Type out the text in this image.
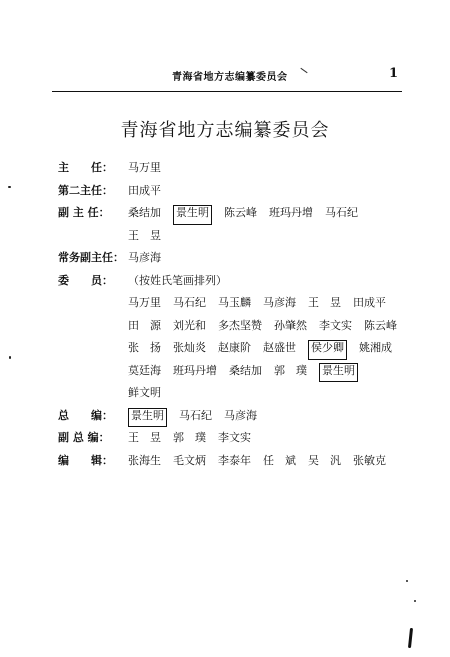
青海省地方志编纂委员会	1
青海省地方志编纂委员会
主　　任：	马万里
第二主任：	田成平
副 主 任：	桑结加 景生明 陈云峰 班玛丹增 马石纪
王　昱
常务副主任： 马彦海
委　　员：	（按姓氏笔画排列）
马万里 马石纪 马玉麟 马彦海 王　昱 田成平
田　源 刘光和 多杰坚赞 孙肇然 李文实 陈云峰
张　扬 张灿炎 赵康阶 赵盛世 侯少卿 姚湘成
莫廷海 班玛丹增 桑结加 郭　璞 景生明
鲜文明
总　　编：	景生明 马石纪 马彦海
副 总 编：	王　昱 郭　璞 李文实
编　　辑：	张海生 毛文炳 李泰年 任　斌 吴　汎 张敏克
